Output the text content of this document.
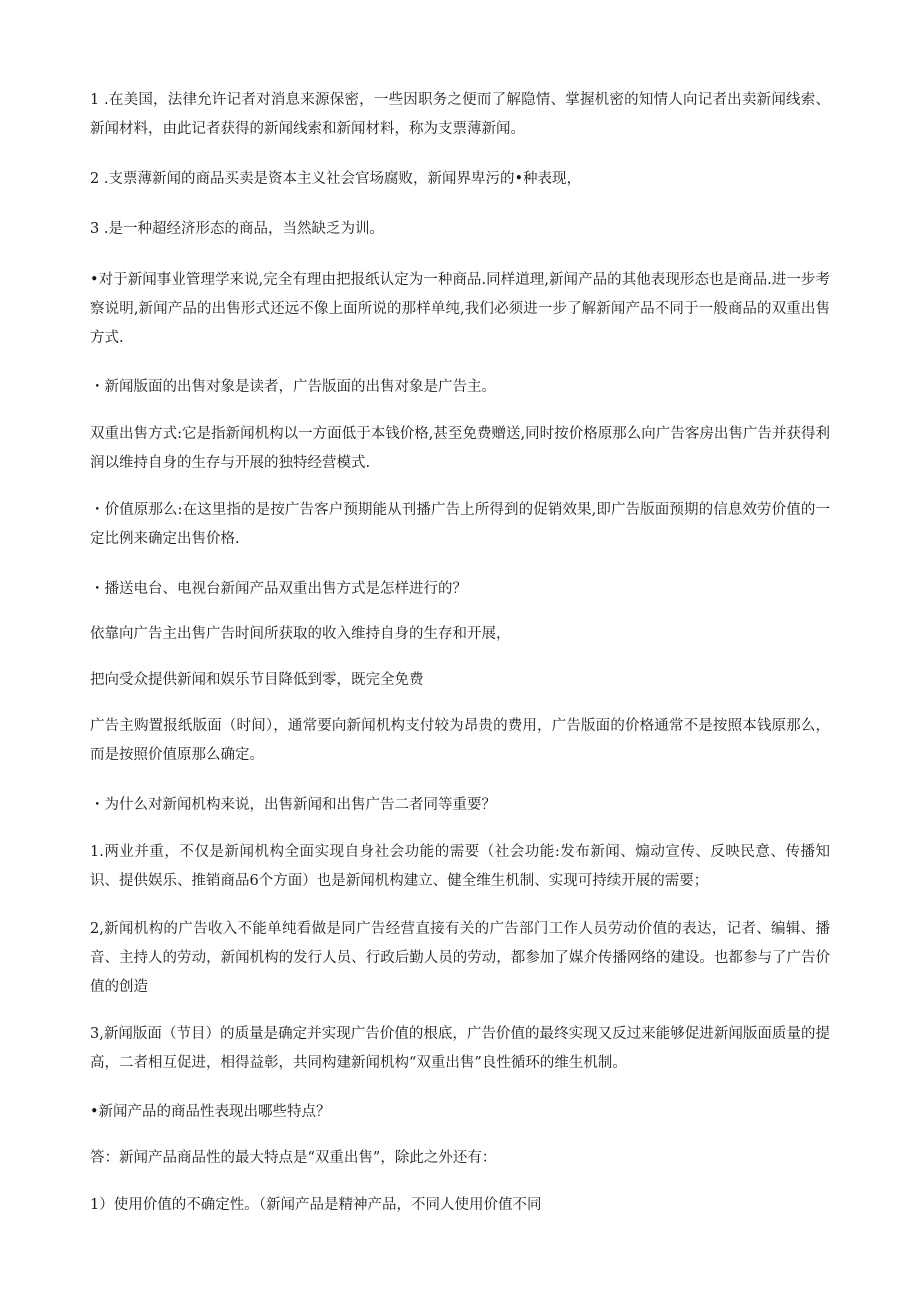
1 .在美国，法律允许记者对消息来源保密，一些因职务之便而了解隐情、掌握机密的知情人向记者出卖新闻线索、新闻材料，由此记者获得的新闻线索和新闻材料，称为支票薄新闻。

2 .支票薄新闻的商品买卖是资本主义社会官场腐败，新闻界卑污的•种表现，

3 .是一种超经济形态的商品，当然缺乏为训。

•对于新闻事业管理学来说,完全有理由把报纸认定为一种商品.同样道理,新闻产品的其他表现形态也是商品.进一步考察说明,新闻产品的出售形式还远不像上面所说的那样单纯,我们必须进一步了解新闻产品不同于一般商品的双重出售方式.

・新闻版面的出售对象是读者，广告版面的出售对象是广告主。

双重出售方式:它是指新闻机构以一方面低于本钱价格,甚至免费赠送,同时按价格原那么向广告客房出售广告并获得利润以维持自身的生存与开展的独特经营模式.

・价值原那么:在这里指的是按广告客户预期能从刊播广告上所得到的促销效果,即广告版面预期的信息效劳价值的一定比例来确定出售价格.

・播送电台、电视台新闻产品双重出售方式是怎样进行的？

依靠向广告主出售广告时间所获取的收入维持自身的生存和开展，

把向受众提供新闻和娱乐节目降低到零，既完全免费

广告主购置报纸版面（时间），通常要向新闻机构支付较为昂贵的费用，广告版面的价格通常不是按照本钱原那么，而是按照价值原那么确定。

・为什么对新闻机构来说，出售新闻和出售广告二者同等重要？

1.两业并重，不仅是新闻机构全面实现自身社会功能的需要（社会功能:发布新闻、煽动宣传、反映民意、传播知识、提供娱乐、推销商品6个方面）也是新闻机构建立、健全维生机制、实现可持续开展的需要；

2,新闻机构的广告收入不能单纯看做是同广告经营直接有关的广告部门工作人员劳动价值的表达，记者、编辑、播音、主持人的劳动，新闻机构的发行人员、行政后勤人员的劳动，都参加了媒介传播网络的建设。也都参与了广告价值的创造

3,新闻版面（节目）的质量是确定并实现广告价值的根底，广告价值的最终实现又反过来能够促进新闻版面质量的提高，二者相互促进，相得益彰，共同构建新闻机构“双重出售”良性循环的维生机制。

•新闻产品的商品性表现出哪些特点？

答：新闻产品商品性的最大特点是“双重出售”，除此之外还有：

1）使用价值的不确定性。（新闻产品是精神产品，不同人使用价值不同
